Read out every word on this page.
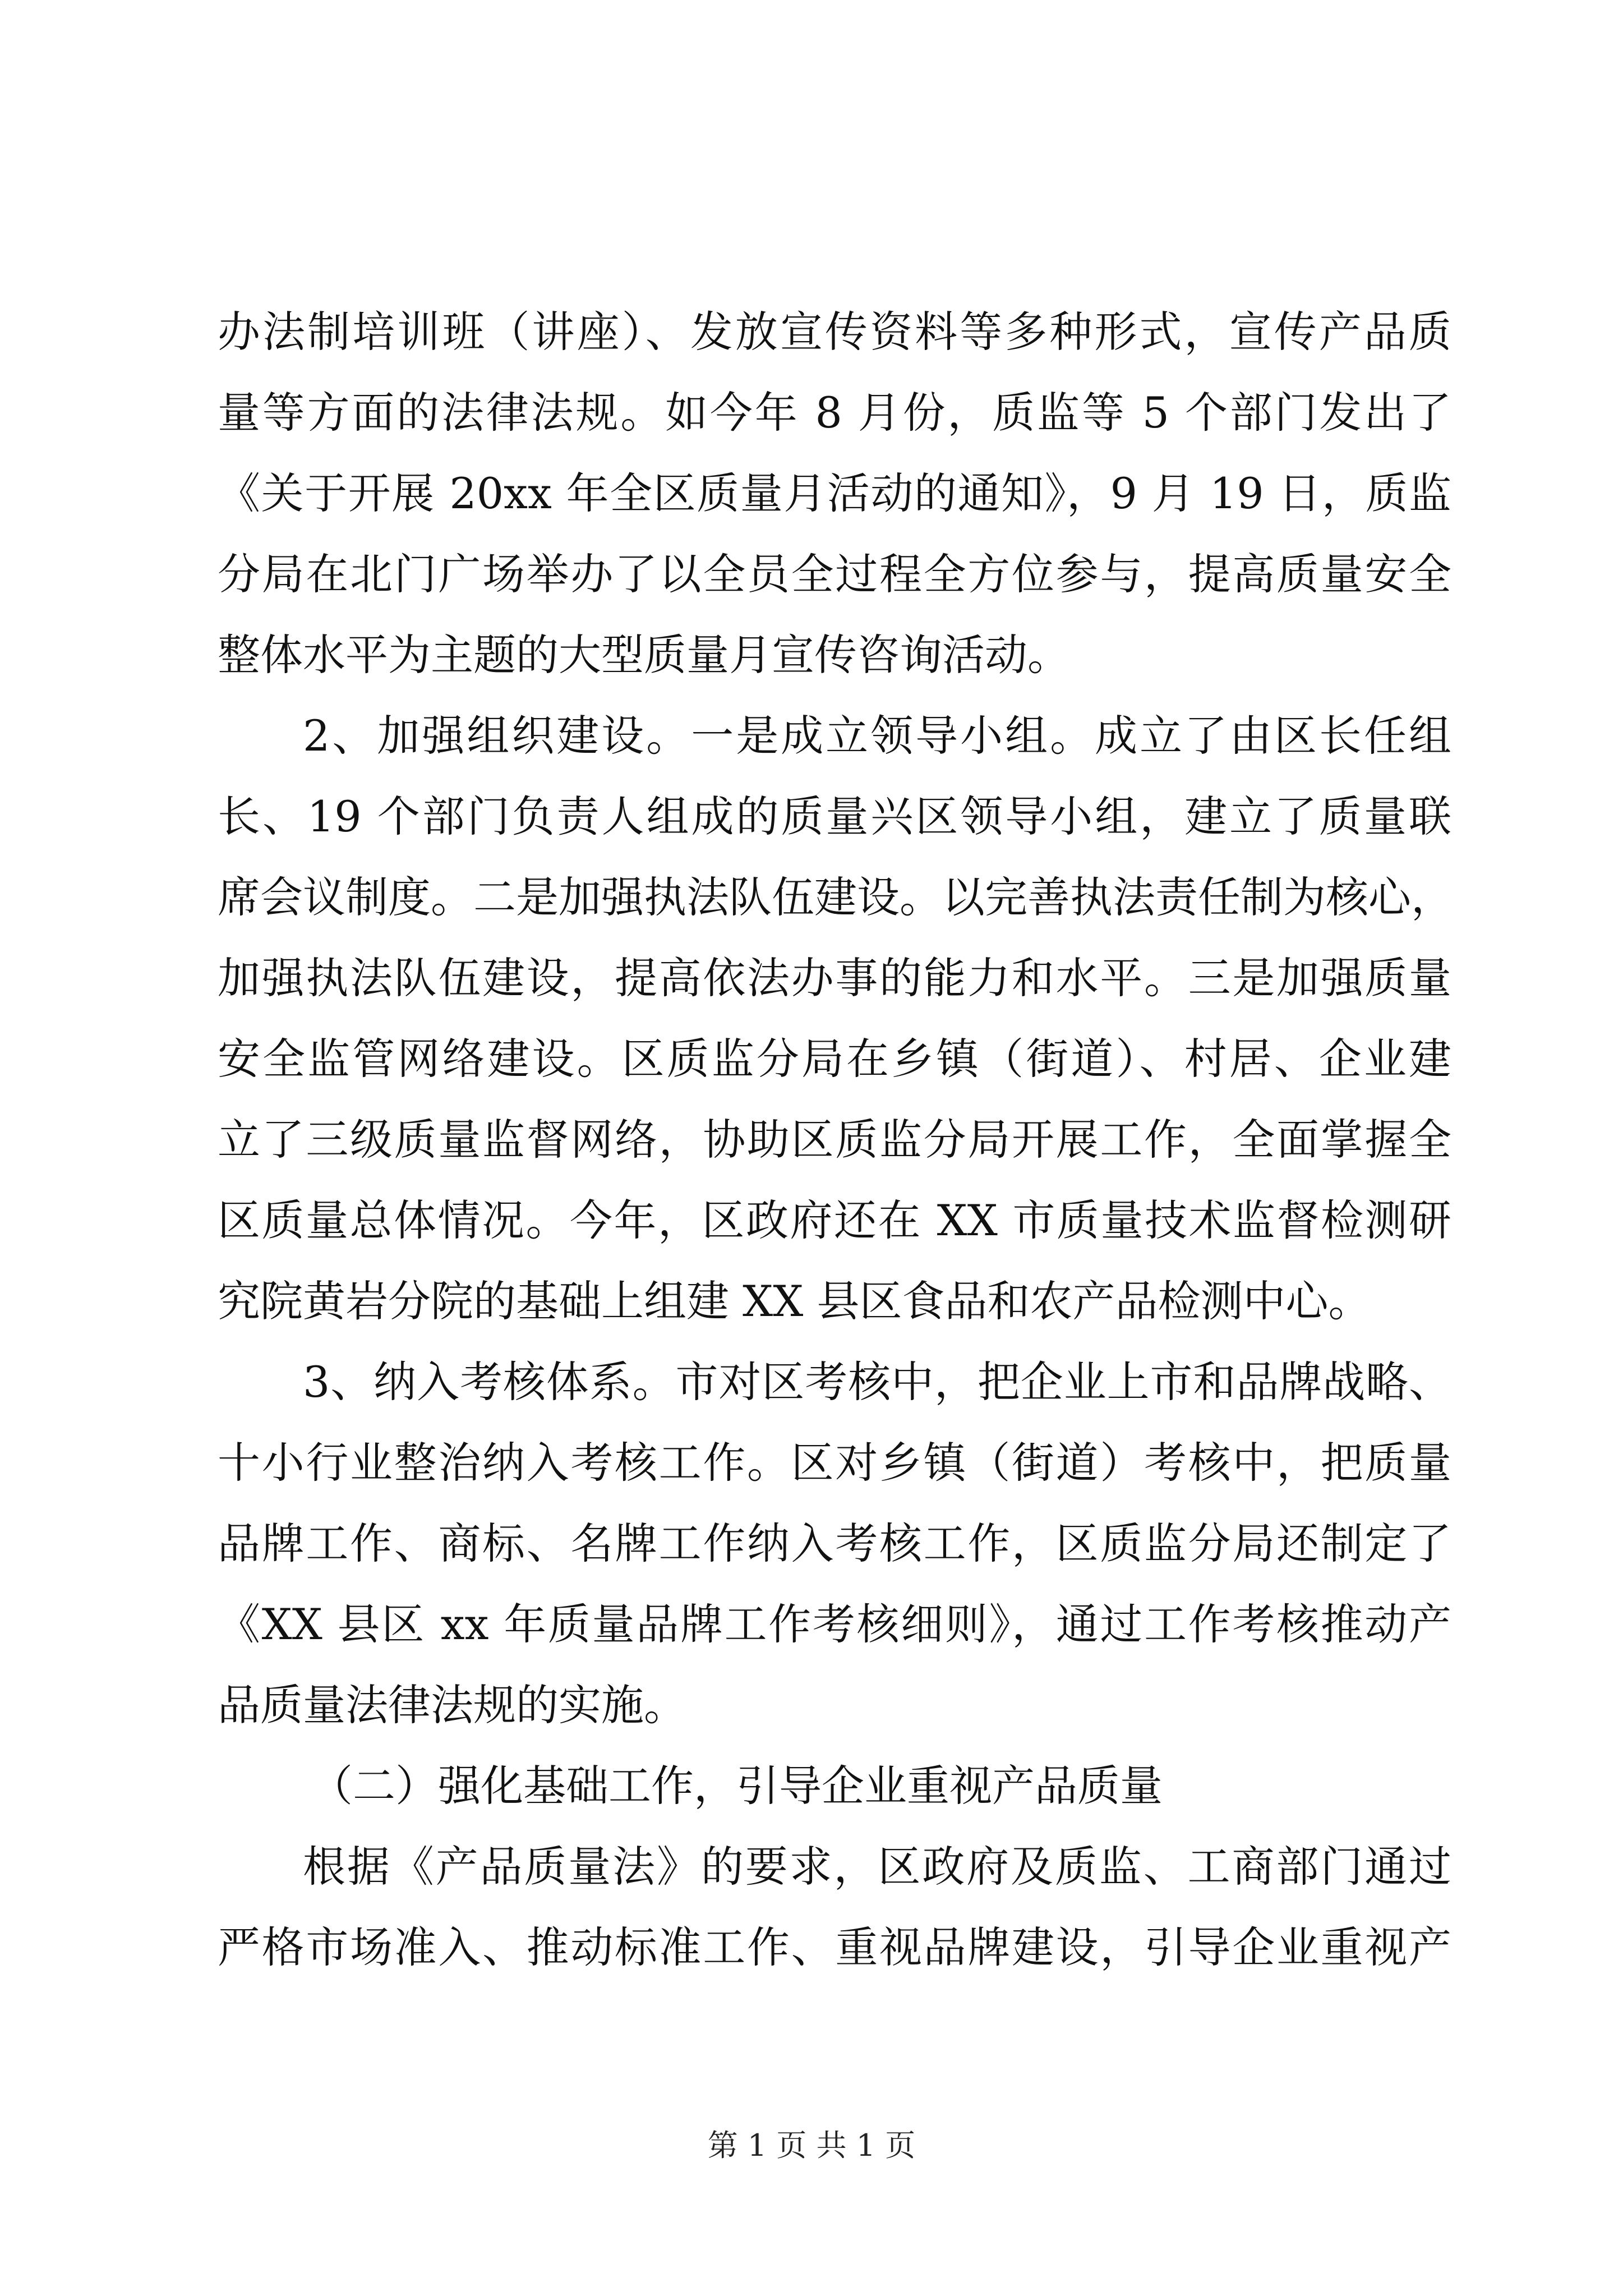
办法制培训班（讲座）、发放宣传资料等多种形式，宣传产品质
量等方面的法律法规。如今年 8 月份，质监等 5 个部门发出了
《关于开展 20xx 年全区质量月活动的通知》，9 月 19 日，质监
分局在北门广场举办了以全员全过程全方位参与，提高质量安全
整体水平为主题的大型质量月宣传咨询活动。
2、加强组织建设。一是成立领导小组。成立了由区长任组
长、19 个部门负责人组成的质量兴区领导小组，建立了质量联
席会议制度。二是加强执法队伍建设。以完善执法责任制为核心，
加强执法队伍建设，提高依法办事的能力和水平。三是加强质量
安全监管网络建设。区质监分局在乡镇（街道）、村居、企业建
立了三级质量监督网络，协助区质监分局开展工作，全面掌握全
区质量总体情况。今年，区政府还在 XX 市质量技术监督检测研
究院黄岩分院的基础上组建 XX 县区食品和农产品检测中心。
3、纳入考核体系。市对区考核中，把企业上市和品牌战略、
十小行业整治纳入考核工作。区对乡镇（街道）考核中，把质量
品牌工作、商标、名牌工作纳入考核工作，区质监分局还制定了
《XX 县区 xx 年质量品牌工作考核细则》，通过工作考核推动产
品质量法律法规的实施。
（二）强化基础工作，引导企业重视产品质量
根据《产品质量法》的要求，区政府及质监、工商部门通过
严格市场准入、推动标准工作、重视品牌建设，引导企业重视产
第 1 页 共 1 页
